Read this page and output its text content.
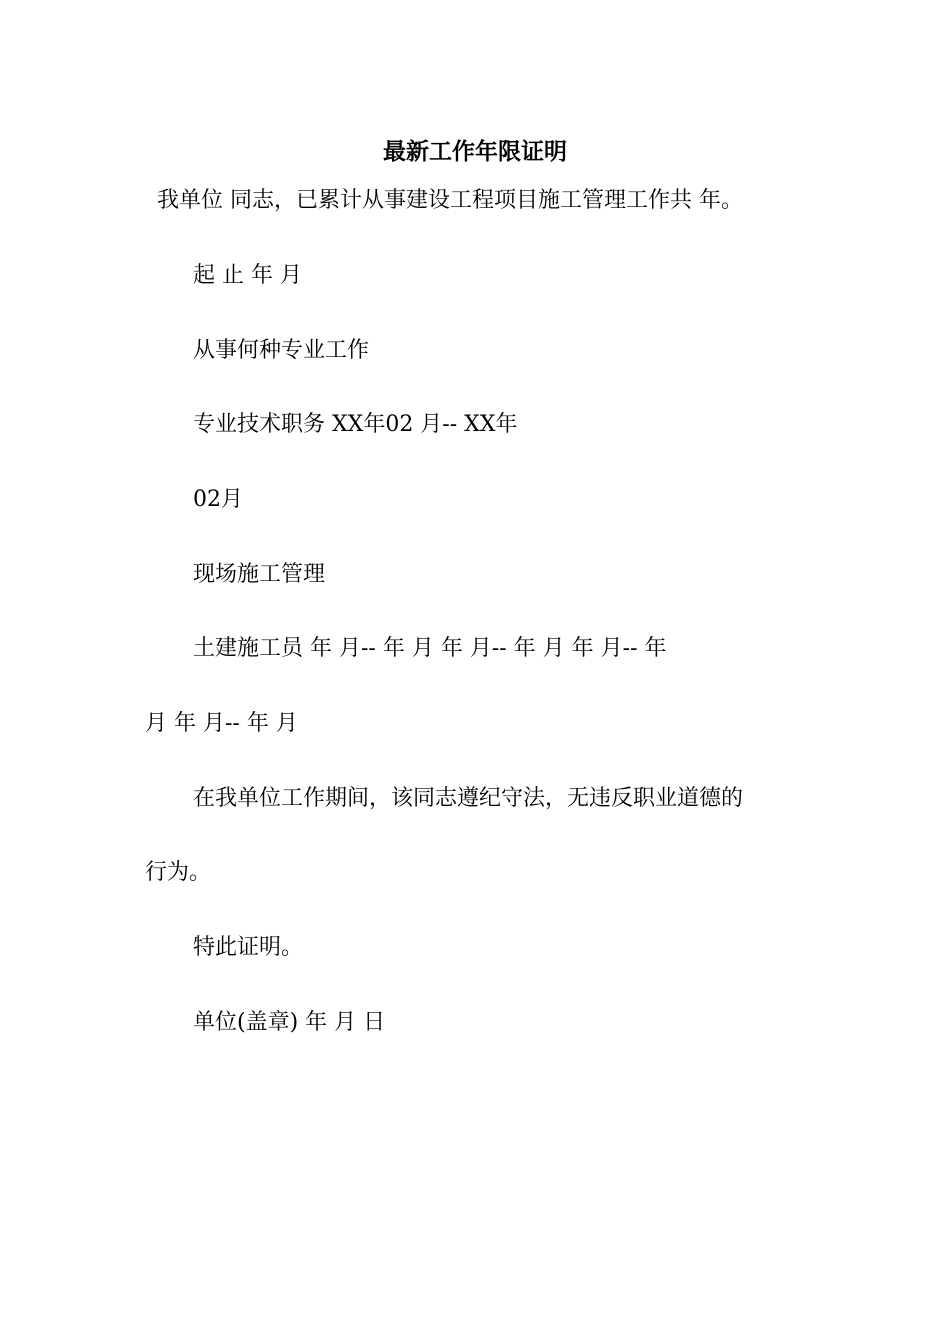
最新工作年限证明
我单位 同志，已累计从事建设工程项目施工管理工作共 年。
起 止 年 月
从事何种专业工作
专业技术职务 XX年02 月-- XX年
02月
现场施工管理
土建施工员 年 月-- 年 月 年 月-- 年 月 年 月-- 年
月 年 月-- 年 月
在我单位工作期间，该同志遵纪守法，无违反职业道德的
行为。
特此证明。
单位(盖章) 年 月 日
